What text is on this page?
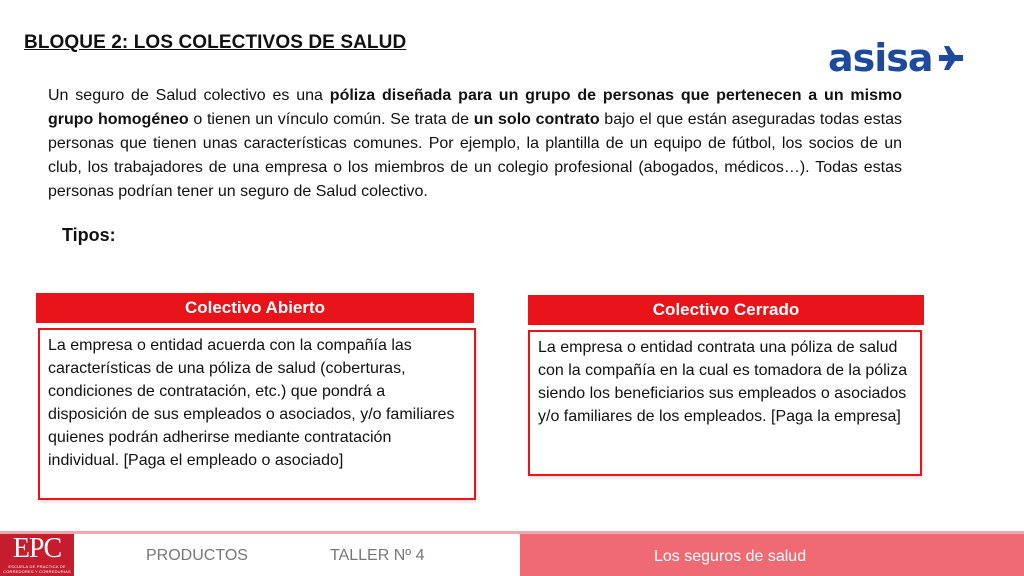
BLOQUE 2: LOS COLECTIVOS DE SALUD	asisa
Un seguro de Salud colectivo es una póliza diseñada para un grupo de personas que pertenecen a un mismo grupo homogéneo o tienen un vínculo común. Se trata de un solo contrato bajo el que están aseguradas todas estas personas que tienen unas características comunes. Por ejemplo, la plantilla de un equipo de fútbol, los socios de un club, los trabajadores de una empresa o los miembros de un colegio profesional (abogados, médicos…). Todas estas personas podrían tener un seguro de Salud colectivo.
Tipos:
Colectivo Abierto
La empresa o entidad acuerda con la compañía las características de una póliza de salud (coberturas, condiciones de contratación, etc.) que pondrá a disposición de sus empleados o asociados, y/o familiares quienes podrán adherirse mediante contratación individual. [Paga el empleado o asociado]
Colectivo Cerrado
La empresa o entidad contrata una póliza de salud con la compañía en la cual es tomadora de la póliza siendo los beneficiarios sus empleados o asociados y/o familiares de los empleados. [Paga la empresa]
EPC
ESCUELA DE PRACTICA DE CORREDORES Y CORREDURIAS
PRODUCTOS	TALLER Nº 4	Los seguros de salud
